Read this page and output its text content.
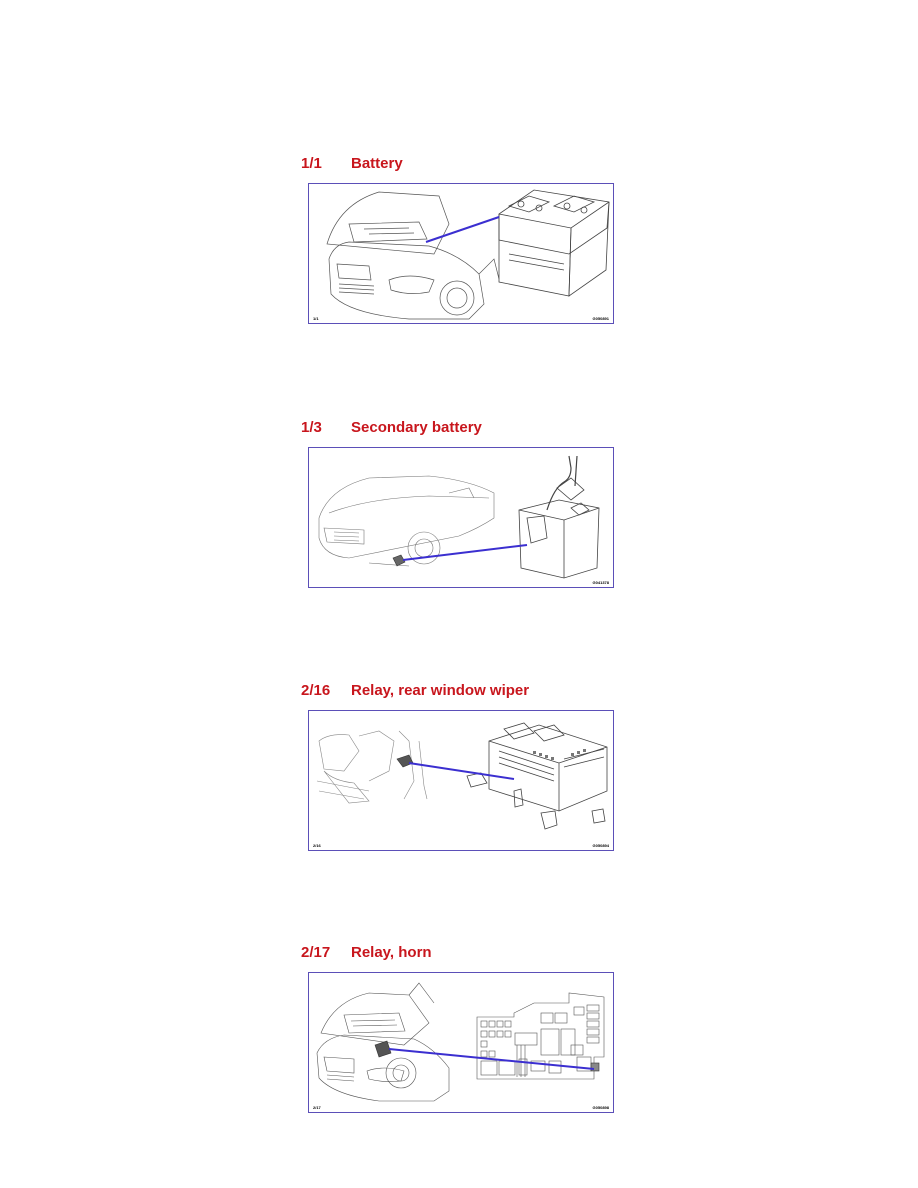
1/1 Battery
1/1	G050891
1/3 Secondary battery
G041378
2/16 Relay, rear window wiper
2/16	G050894
2/17 Relay, horn
2/17	G050898
